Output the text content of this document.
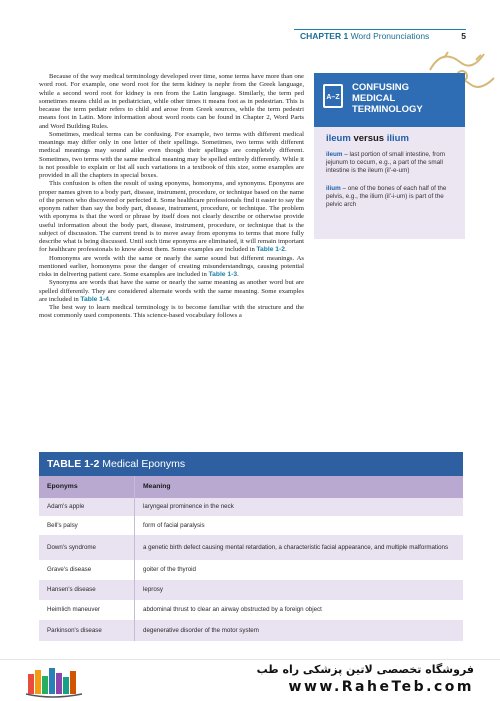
CHAPTER 1 Word Pronunciations	5

Because of the way medical terminology developed over time, some terms have more than one word root. For example, one word root for the term kidney is nephr from the Greek language, while a second word root for kidney is ren from the Latin language. Similarly, the term ped sometimes means child as in pediatrician, while other times it means foot as in pedestrian. This is because the term pediatr refers to child and arose from Greek sources, while the term pedestri means foot in Latin. More information about word roots can be found in Chapter 2, Word Parts and Word Building Rules.

Sometimes, medical terms can be confusing. For example, two terms with different medical meanings may differ only in one letter of their spellings. Sometimes, two terms with different medical meanings may sound alike even though their spellings are completely different. Sometimes, two terms with the same medical meaning may be spelled entirely differently. While it is not possible to explain or list all such variations in a textbook of this size, some examples are provided in all the chapters in special boxes.

This confusion is often the result of using eponyms, homonyms, and synonyms. Eponyms are proper names given to a body part, disease, instrument, procedure, or technique based on the name of the person who discovered or perfected it. Some healthcare professionals find it easier to say the eponym rather than say the body part, disease, instrument, procedure, or technique. The problem with eponyms is that the word or phrase by itself does not clearly describe or otherwise provide useful information about the body part, disease, instrument, procedure, or technique that is the subject of discussion. The current trend is to move away from eponyms to terms that more fully describe what is being discussed. Until such time eponyms are eliminated, it will remain important for healthcare professionals to know about them. Some examples are included in Table 1-2.

Homonyms are words with the same or nearly the same sound but different meanings. As mentioned earlier, homonyms pose the danger of creating misunderstandings, causing potential risks in delivering patient care. Some examples are included in Table 1-3.

Synonyms are words that have the same or nearly the same meaning as another word but are spelled differently. They are considered alternate words with the same meaning. Some examples are included in Table 1-4.

The best way to learn medical terminology is to become familiar with the structure and the most commonly used components. This science-based vocabulary follows a

A–Z
CONFUSING
MEDICAL
TERMINOLOGY
ileum versus ilium
ileum – last portion of small intestine, from jejunum to cecum, e.g., a part of the small intestine is the ileum (il'-e-um)
ilium – one of the bones of each half of the pelvis, e.g., the ilium (il'-i-um) is part of the pelvic arch
TABLE 1-2 Medical Eponyms
Eponyms	Meaning
Adam's apple	laryngeal prominence in the neck
Bell's palsy	form of facial paralysis
Down's syndrome	a genetic birth defect causing mental retardation, a characteristic facial appearance, and multiple malformations
Grave's disease	goiter of the thyroid
Hansen's disease	leprosy
Heimlich maneuver	abdominal thrust to clear an airway obstructed by a foreign object
Parkinson's disease	degenerative disorder of the motor system
فروشگاه تخصصی لاتین پزشکی راه طب
www.RaheTeb.com
